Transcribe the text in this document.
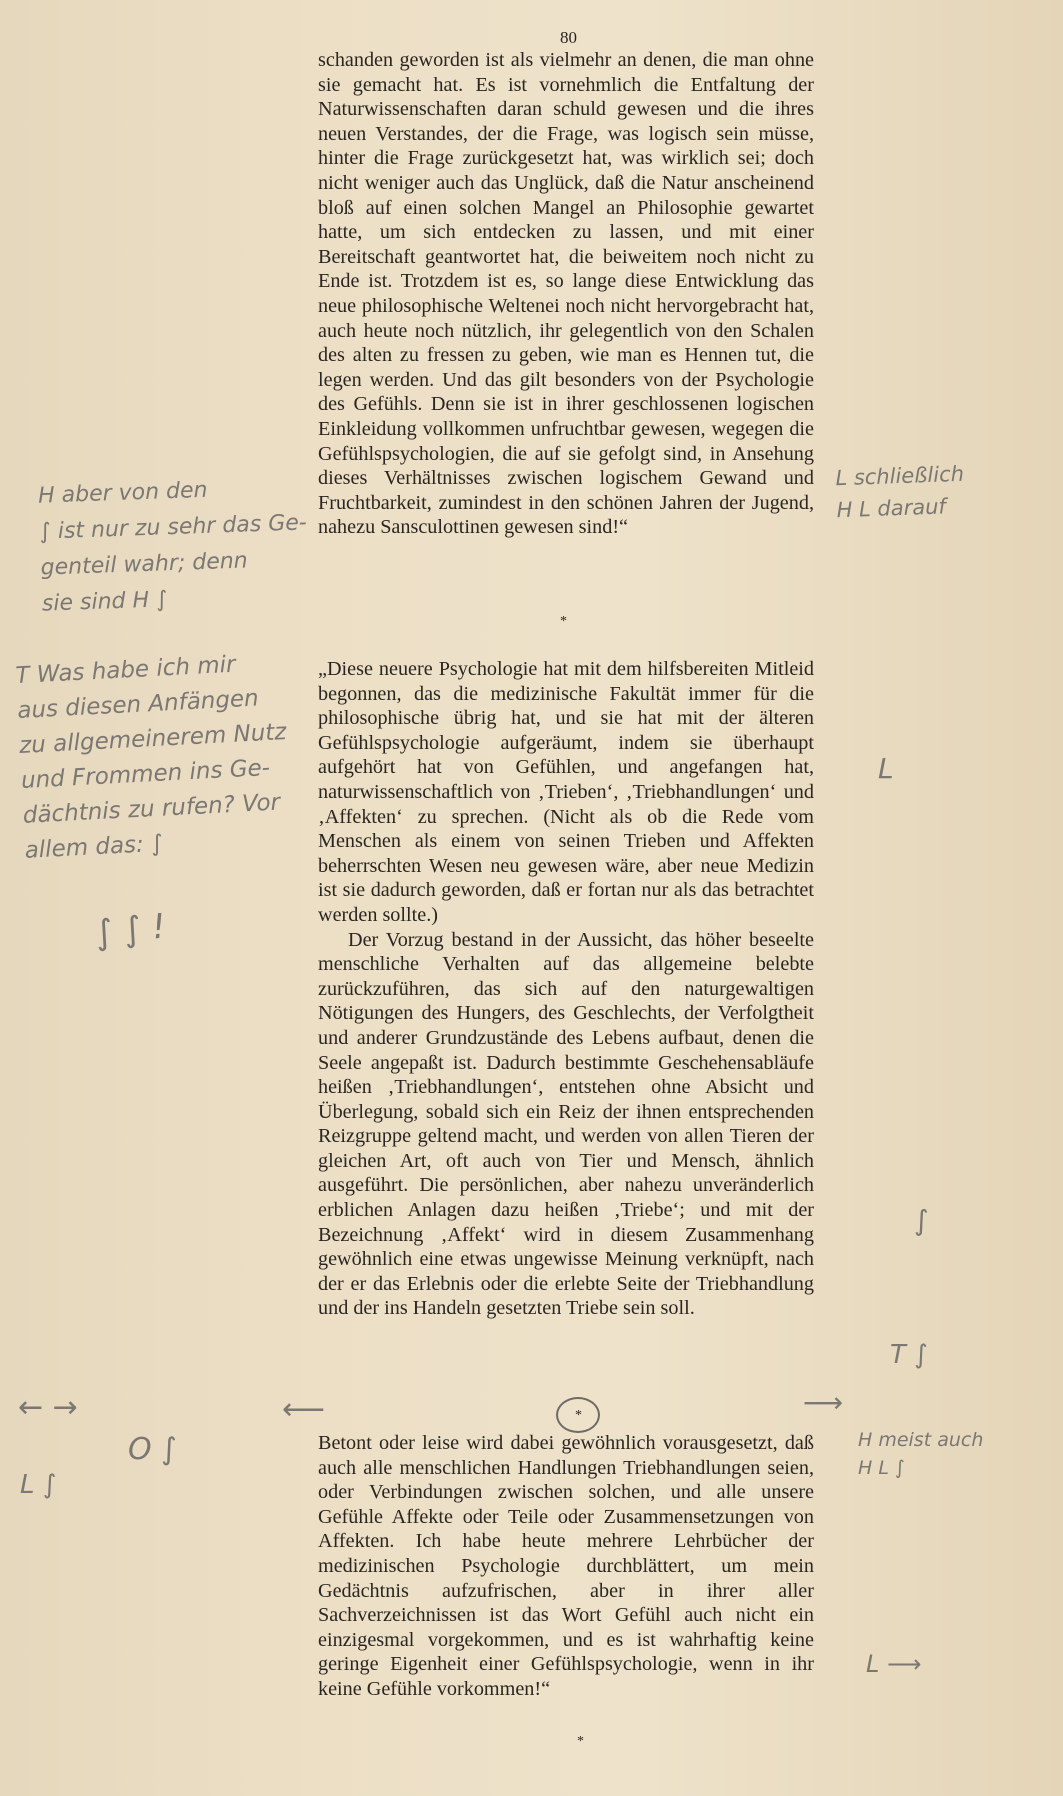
80

schanden geworden ist als vielmehr an denen, die man ohne sie gemacht hat. Es ist vornehmlich die Entfaltung der Naturwissenschaften daran schuld gewesen und die ihres neuen Verstandes, der die Frage, was logisch sein müsse, hinter die Frage zurückgesetzt hat, was wirklich sei; doch nicht weniger auch das Unglück, daß die Natur anscheinend bloß auf einen solchen Mangel an Philosophie gewartet hatte, um sich entdecken zu lassen, und mit einer Bereitschaft geantwortet hat, die beiweitem noch nicht zu Ende ist. Trotzdem ist es, so lange diese Entwicklung das neue philosophische Weltenei noch nicht hervorgebracht hat, auch heute noch nützlich, ihr gelegentlich von den Schalen des alten zu fressen zu geben, wie man es Hennen tut, die legen werden. Und das gilt besonders von der Psychologie des Gefühls. Denn sie ist in ihrer geschlossenen logischen Einkleidung vollkommen unfruchtbar gewesen, wegegen die Gefühlspsychologien, die auf sie gefolgt sind, in Ansehung dieses Verhältnisses zwischen logischem Gewand und Fruchtbarkeit, zumindest in den schönen Jahren der Jugend, nahezu Sansculottinen gewesen sind!“

*

„Diese neuere Psychologie hat mit dem hilfsbereiten Mitleid begonnen, das die medizinische Fakultät immer für die philosophische übrig hat, und sie hat mit der älteren Gefühlspsychologie aufgeräumt, indem sie überhaupt aufgehört hat von Gefühlen, und angefangen hat, naturwissenschaftlich von ‚Trieben‘, ‚Triebhandlungen‘ und ‚Affekten‘ zu sprechen. (Nicht als ob die Rede vom Menschen als einem von seinen Trieben und Affekten beherrschten Wesen neu gewesen wäre, aber neue Medizin ist sie dadurch geworden, daß er fortan nur als das betrachtet werden sollte.)

Der Vorzug bestand in der Aussicht, das höher beseelte menschliche Verhalten auf das allgemeine belebte zurückzuführen, das sich auf den naturgewaltigen Nötigungen des Hungers, des Geschlechts, der Verfolgtheit und anderer Grundzustände des Lebens aufbaut, denen die Seele angepaßt ist. Dadurch bestimmte Geschehensabläufe heißen ‚Triebhandlungen‘, entstehen ohne Absicht und Überlegung, sobald sich ein Reiz der ihnen entsprechenden Reizgruppe geltend macht, und werden von allen Tieren der gleichen Art, oft auch von Tier und Mensch, ähnlich ausgeführt. Die persönlichen, aber nahezu unveränderlich erblichen Anlagen dazu heißen ‚Triebe‘; und mit der Bezeichnung ‚Affekt‘ wird in diesem Zusammenhang gewöhnlich eine etwas ungewisse Meinung verknüpft, nach der er das Erlebnis oder die erlebte Seite der Triebhandlung und der ins Handeln gesetzten Triebe sein soll.

*

Betont oder leise wird dabei gewöhnlich vorausgesetzt, daß auch alle menschlichen Handlungen Triebhandlungen seien, oder Verbindungen zwischen solchen, und alle unsere Gefühle Affekte oder Teile oder Zusammensetzungen von Affekten. Ich habe heute mehrere Lehrbücher der medizinischen Psychologie durchblättert, um mein Gedächtnis aufzufrischen, aber in ihrer aller Sachverzeichnissen ist das Wort Gefühl auch nicht ein einzigesmal vorgekommen, und es ist wahrhaftig keine geringe Eigenheit einer Gefühlspsychologie, wenn in ihr keine Gefühle vorkommen!“

*
H aber von den
∫ ist nur zu sehr das Ge-
genteil wahr; denn
sie sind H ∫
T Was habe ich mir
aus diesen Anfängen
zu allgemeinerem Nutz
und Frommen ins Ge-
dächtnis zu rufen? Vor
allem das: ∫
∫ ∫ !
L schließlich
H L darauf
L
∫
T ∫
← →
O ∫
L ∫
⟵	⟶
H meist auch
H L ∫
L ⟶
